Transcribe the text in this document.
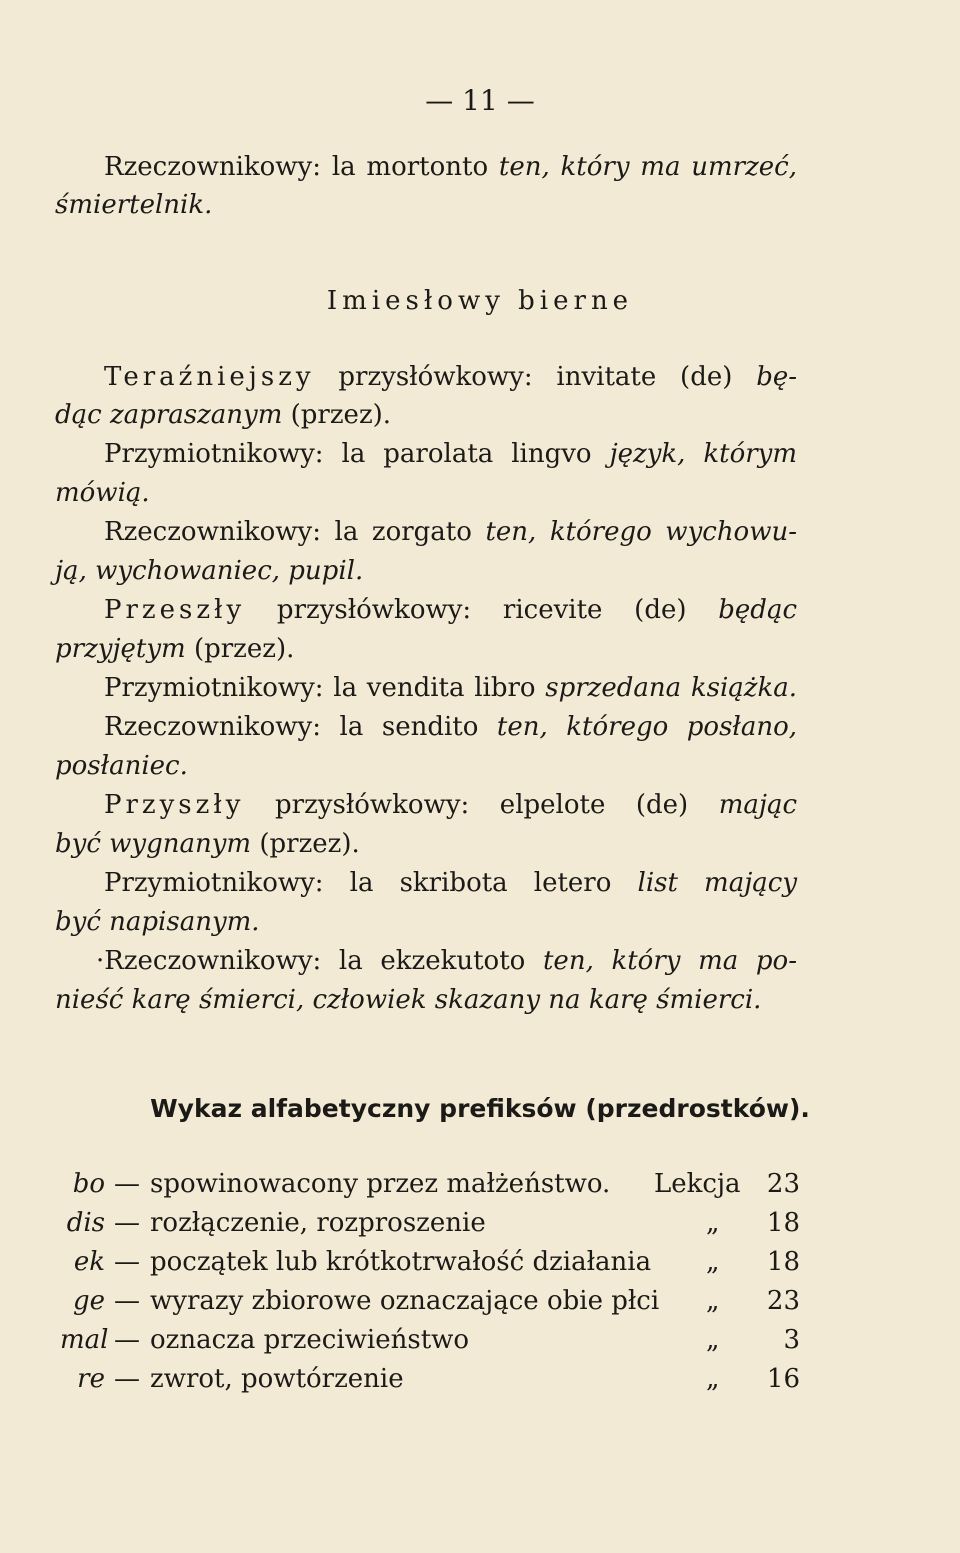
— 11 —
Rzeczownikowy: la mortonto ten, który ma umrzeć,
śmiertelnik.
Imiesłowy bierne
Teraźniejszy przysłówkowy: invitate (de) bę-
dąc zapraszanym (przez).
Przymiotnikowy: la parolata lingvo język, którym
mówią.
Rzeczownikowy: la zorgato ten, którego wychowu-
ją, wychowaniec, pupil.
Przeszły przysłówkowy: ricevite (de) będąc
przyjętym (przez).
Przymiotnikowy: la vendita libro sprzedana książka.
Rzeczownikowy: la sendito ten, którego posłano,
posłaniec.
Przyszły przysłówkowy: elpelote (de) mając
być wygnanym (przez).
Przymiotnikowy: la skribota letero list mający
być napisanym.
·Rzeczownikowy: la ekzekutoto ten, który ma po-
nieść karę śmierci, człowiek skazany na karę śmierci.
Wykaz alfabetyczny prefiksów (przedrostków).
bo — spowinowacony przez małżeństwo. Lekcja 23
dis — rozłączenie, rozproszenie	„ 18
ek — początek lub krótkotrwałość działania „ 18
ge — wyrazy zbiorowe oznaczające obie płci „ 23
mal — oznacza przeciwieństwo	„ 3
re — zwrot, powtórzenie	„ 16
